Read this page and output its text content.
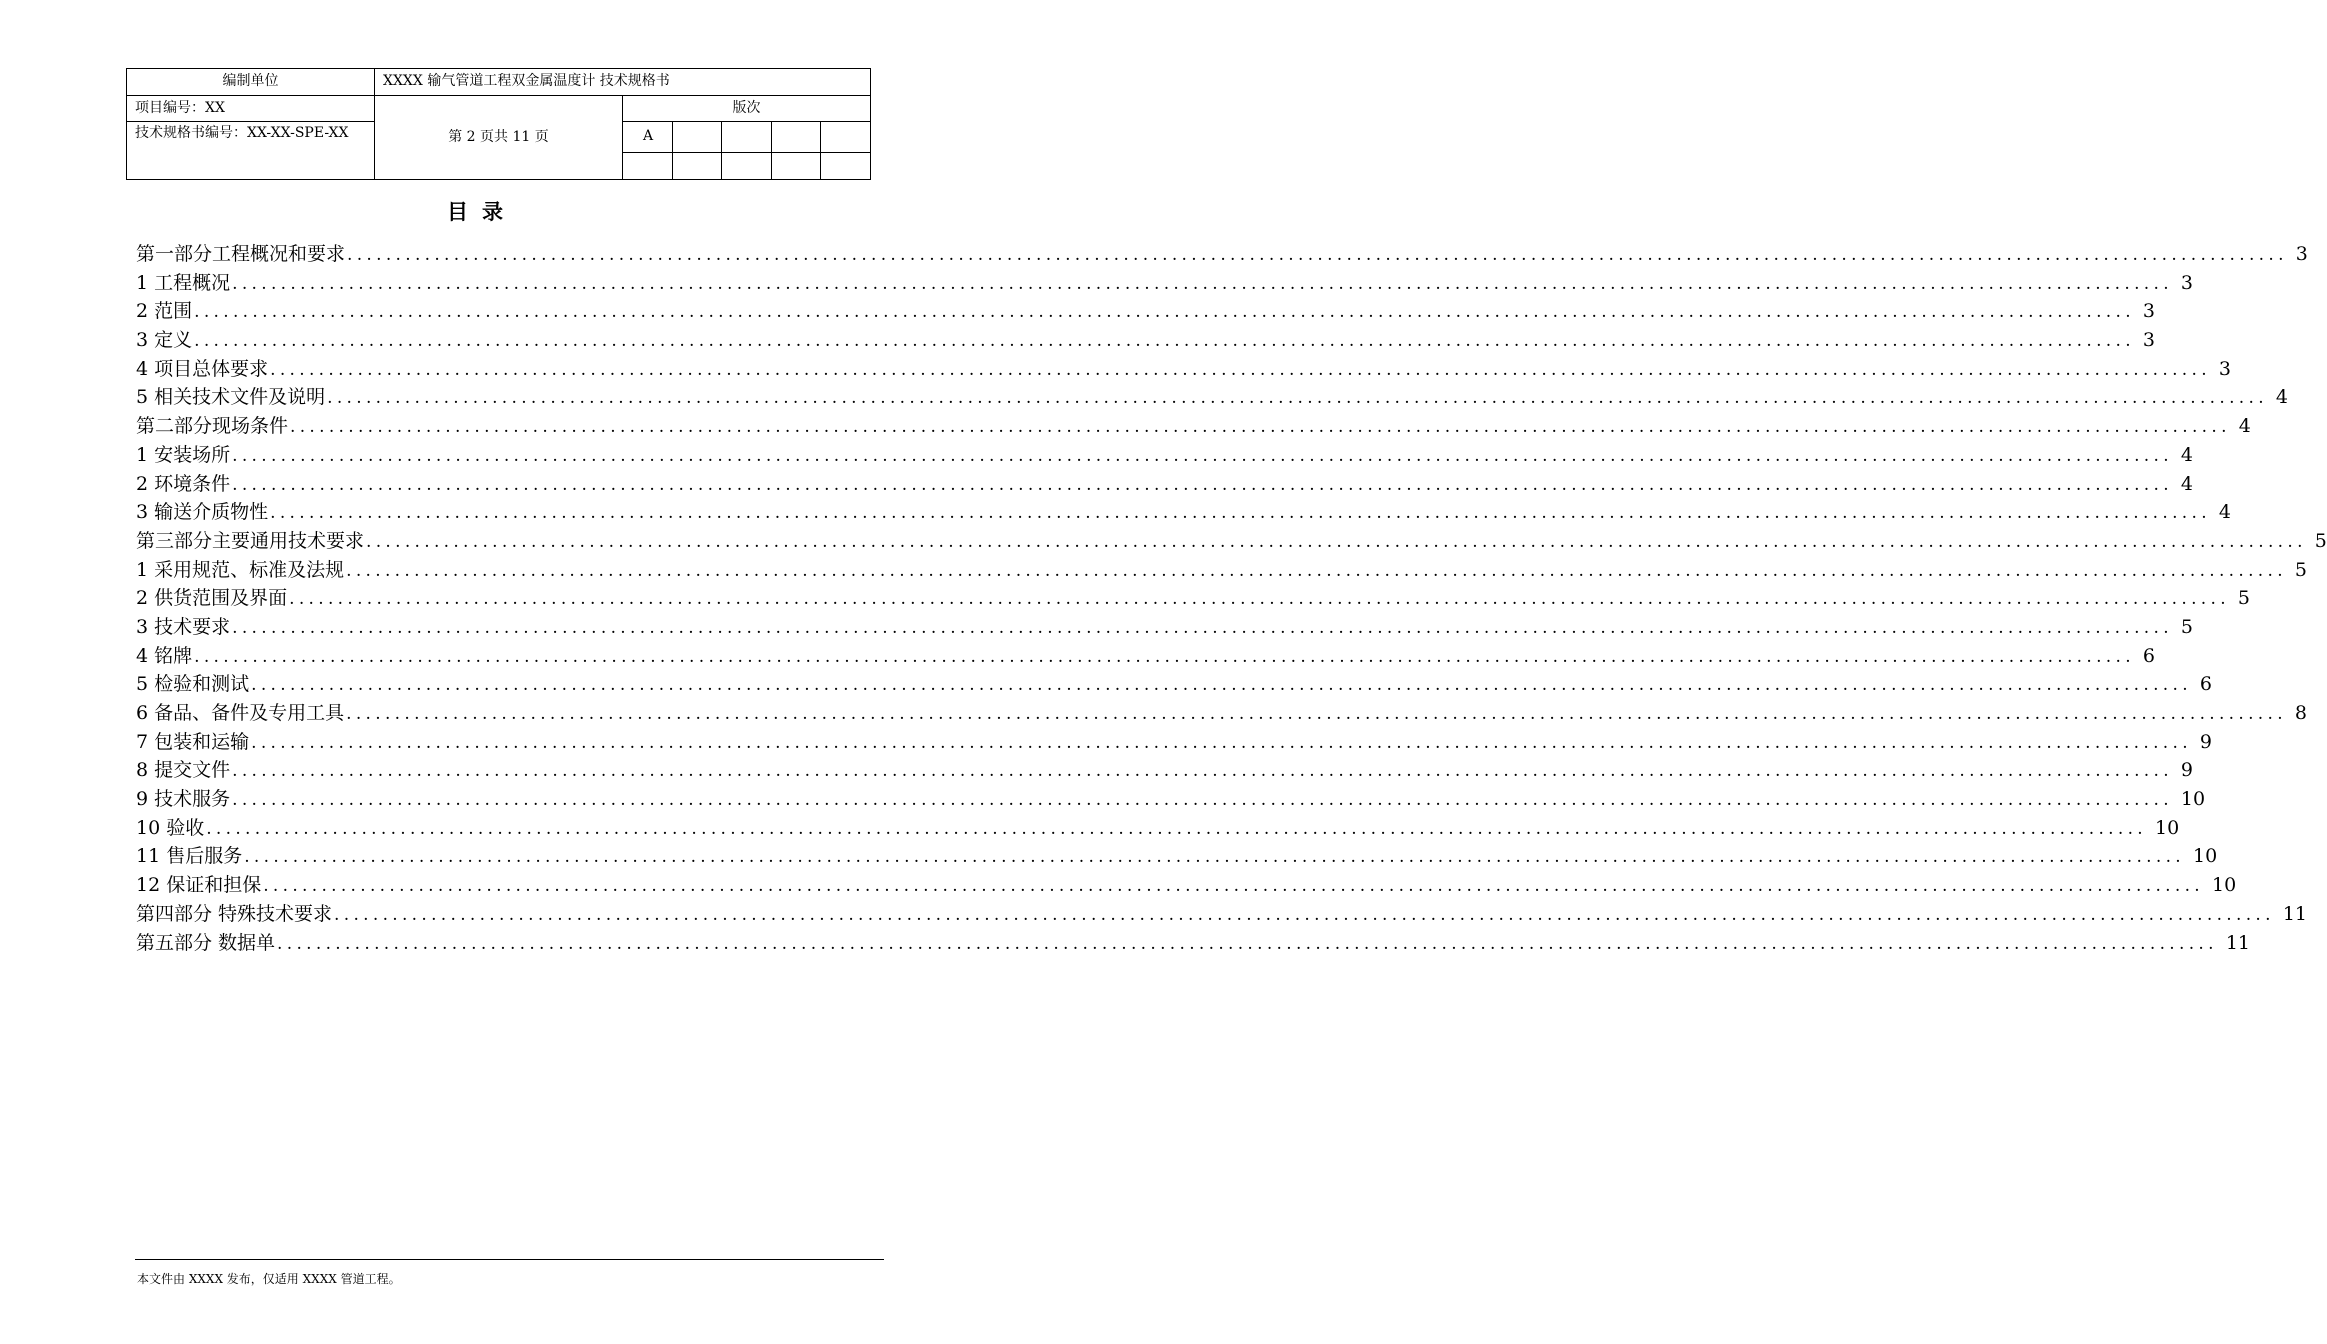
编制单位	XXXX 输气管道工程双金属温度计 技术规格书					
项目编号：XX	第 2 页共 11 页	版次				
技术规格书编号：XX-XX-SPE-XX		A				

目录
第一部分工程概况和要求 ........................................................................................................................................................................................................ 3
1 工程概况 ........................................................................................................................................................................................................ 3
2 范围 ........................................................................................................................................................................................................ 3
3 定义 ........................................................................................................................................................................................................ 3
4 项目总体要求 ........................................................................................................................................................................................................ 3
5 相关技术文件及说明 ........................................................................................................................................................................................................ 4
第二部分现场条件 ........................................................................................................................................................................................................ 4
1 安装场所 ........................................................................................................................................................................................................ 4
2 环境条件 ........................................................................................................................................................................................................ 4
3 输送介质物性 ........................................................................................................................................................................................................ 4
第三部分主要通用技术要求 ........................................................................................................................................................................................................ 5
1 采用规范、标准及法规 ........................................................................................................................................................................................................ 5
2 供货范围及界面 ........................................................................................................................................................................................................ 5
3 技术要求 ........................................................................................................................................................................................................ 5
4 铭牌 ........................................................................................................................................................................................................ 6
5 检验和测试 ........................................................................................................................................................................................................ 6
6 备品、备件及专用工具 ........................................................................................................................................................................................................ 8
7 包装和运输 ........................................................................................................................................................................................................ 9
8 提交文件 ........................................................................................................................................................................................................ 9
9 技术服务 ........................................................................................................................................................................................................ 10
10 验收 ........................................................................................................................................................................................................ 10
11 售后服务 ........................................................................................................................................................................................................ 10
12 保证和担保 ........................................................................................................................................................................................................ 10
第四部分 特殊技术要求 ........................................................................................................................................................................................................ 11
第五部分 数据单 ........................................................................................................................................................................................................ 11
本文件由 XXXX 发布，仅适用 XXXX 管道工程。
